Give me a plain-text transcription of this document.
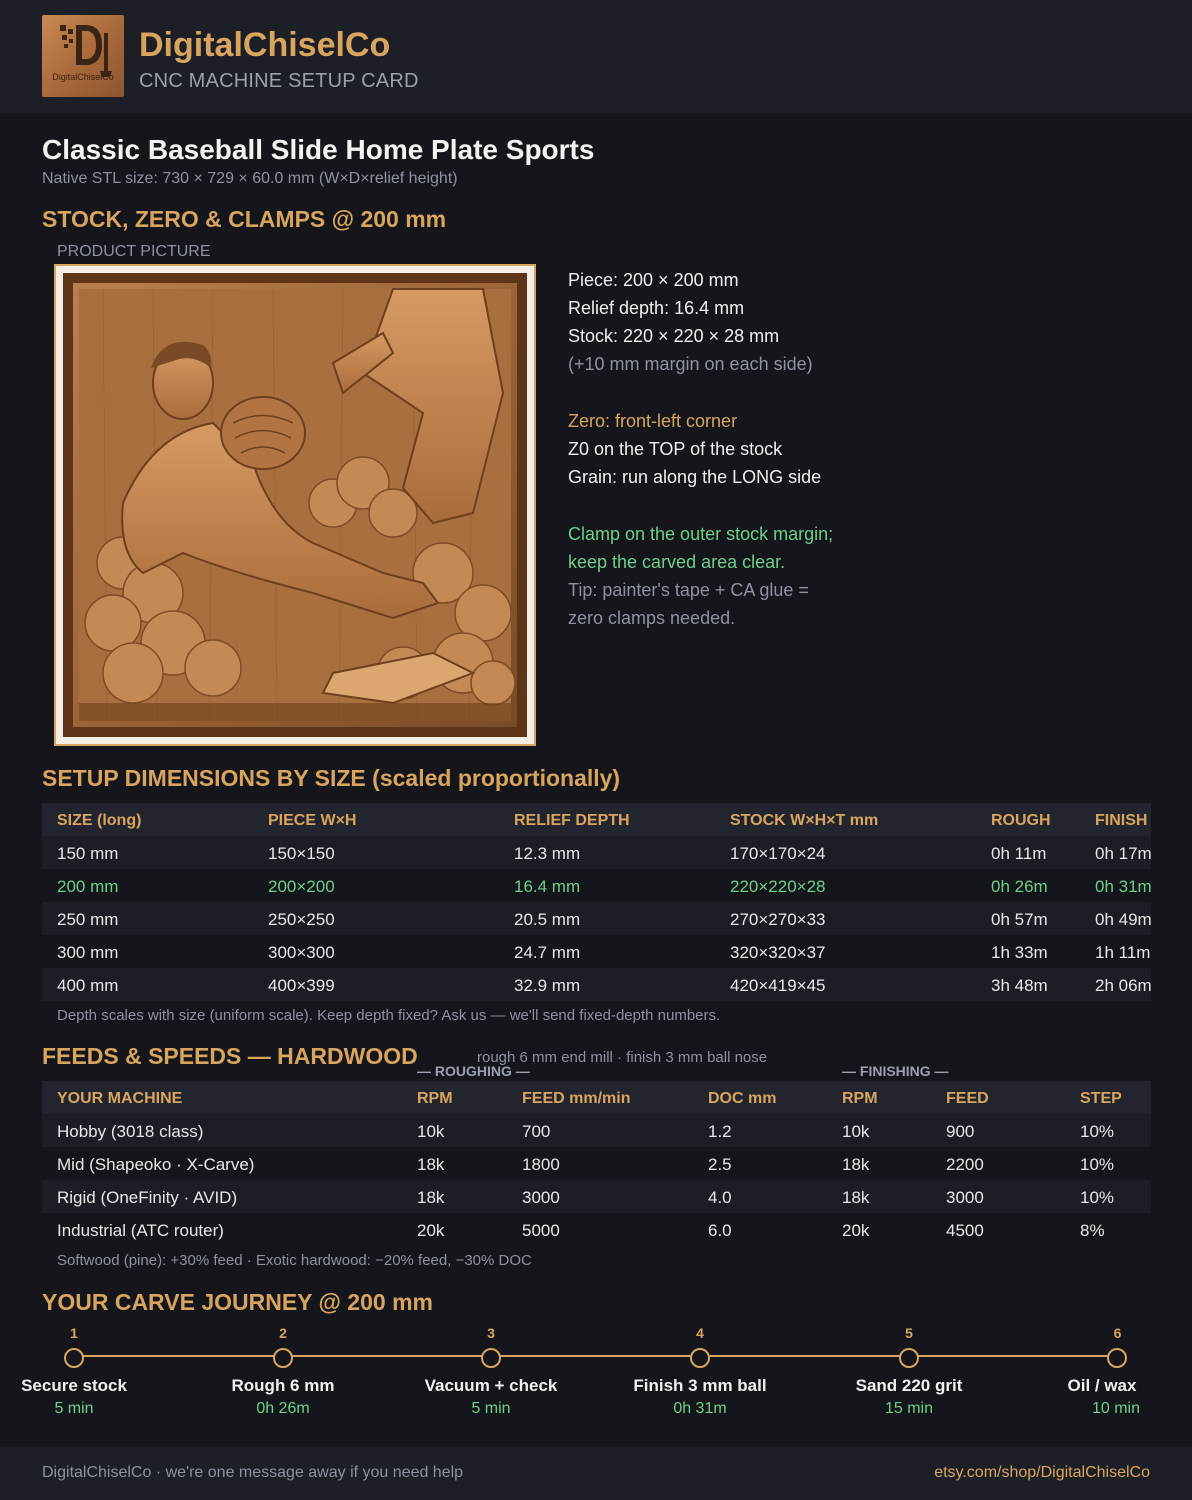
DigitalChiselCo
DigitalChiselCo
CNC MACHINE SETUP CARD
Classic Baseball Slide Home Plate Sports
Native STL size: 730 × 729 × 60.0 mm (W×D×relief height)
STOCK, ZERO & CLAMPS @ 200 mm
PRODUCT PICTURE
Piece: 200 × 200 mm
Relief depth: 16.4 mm
Stock: 220 × 220 × 28 mm
(+10 mm margin on each side)
Zero: front-left corner
Z0 on the TOP of the stock
Grain: run along the LONG side
Clamp on the outer stock margin;
keep the carved area clear.
Tip: painter's tape + CA glue =
zero clamps needed.
SETUP DIMENSIONS BY SIZE (scaled proportionally)
SIZE (long)	PIECE W×H	RELIEF DEPTH	STOCK W×H×T mm	ROUGH	FINISH
150 mm	150×150	12.3 mm	170×170×24	0h 11m	0h 17m
200 mm	200×200	16.4 mm	220×220×28	0h 26m	0h 31m
250 mm	250×250	20.5 mm	270×270×33	0h 57m	0h 49m
300 mm	300×300	24.7 mm	320×320×37	1h 33m	1h 11m
400 mm	400×399	32.9 mm	420×419×45	3h 48m	2h 06m
Depth scales with size (uniform scale). Keep depth fixed? Ask us — we'll send fixed-depth numbers.
FEEDS & SPEEDS — HARDWOOD	rough 6 mm end mill · finish 3 mm ball nose
— ROUGHING —	— FINISHING —
YOUR MACHINE	RPM	FEED mm/min	DOC mm	RPM	FEED	STEP
Hobby (3018 class)	10k	700	1.2	10k	900	10%
Mid (Shapeoko · X-Carve)	18k	1800	2.5	18k	2200	10%
Rigid (OneFinity · AVID)	18k	3000	4.0	18k	3000	10%
Industrial (ATC router)	20k	5000	6.0	20k	4500	8%
Softwood (pine): +30% feed · Exotic hardwood: −20% feed, −30% DOC
YOUR CARVE JOURNEY @ 200 mm
1
Secure stock
5 min
2
Rough 6 mm
0h 26m
3
Vacuum + check
5 min
4
Finish 3 mm ball
0h 31m
5
Sand 220 grit
15 min
6
Oil / wax
10 min
DigitalChiselCo · we're one message away if you need help	etsy.com/shop/DigitalChiselCo
